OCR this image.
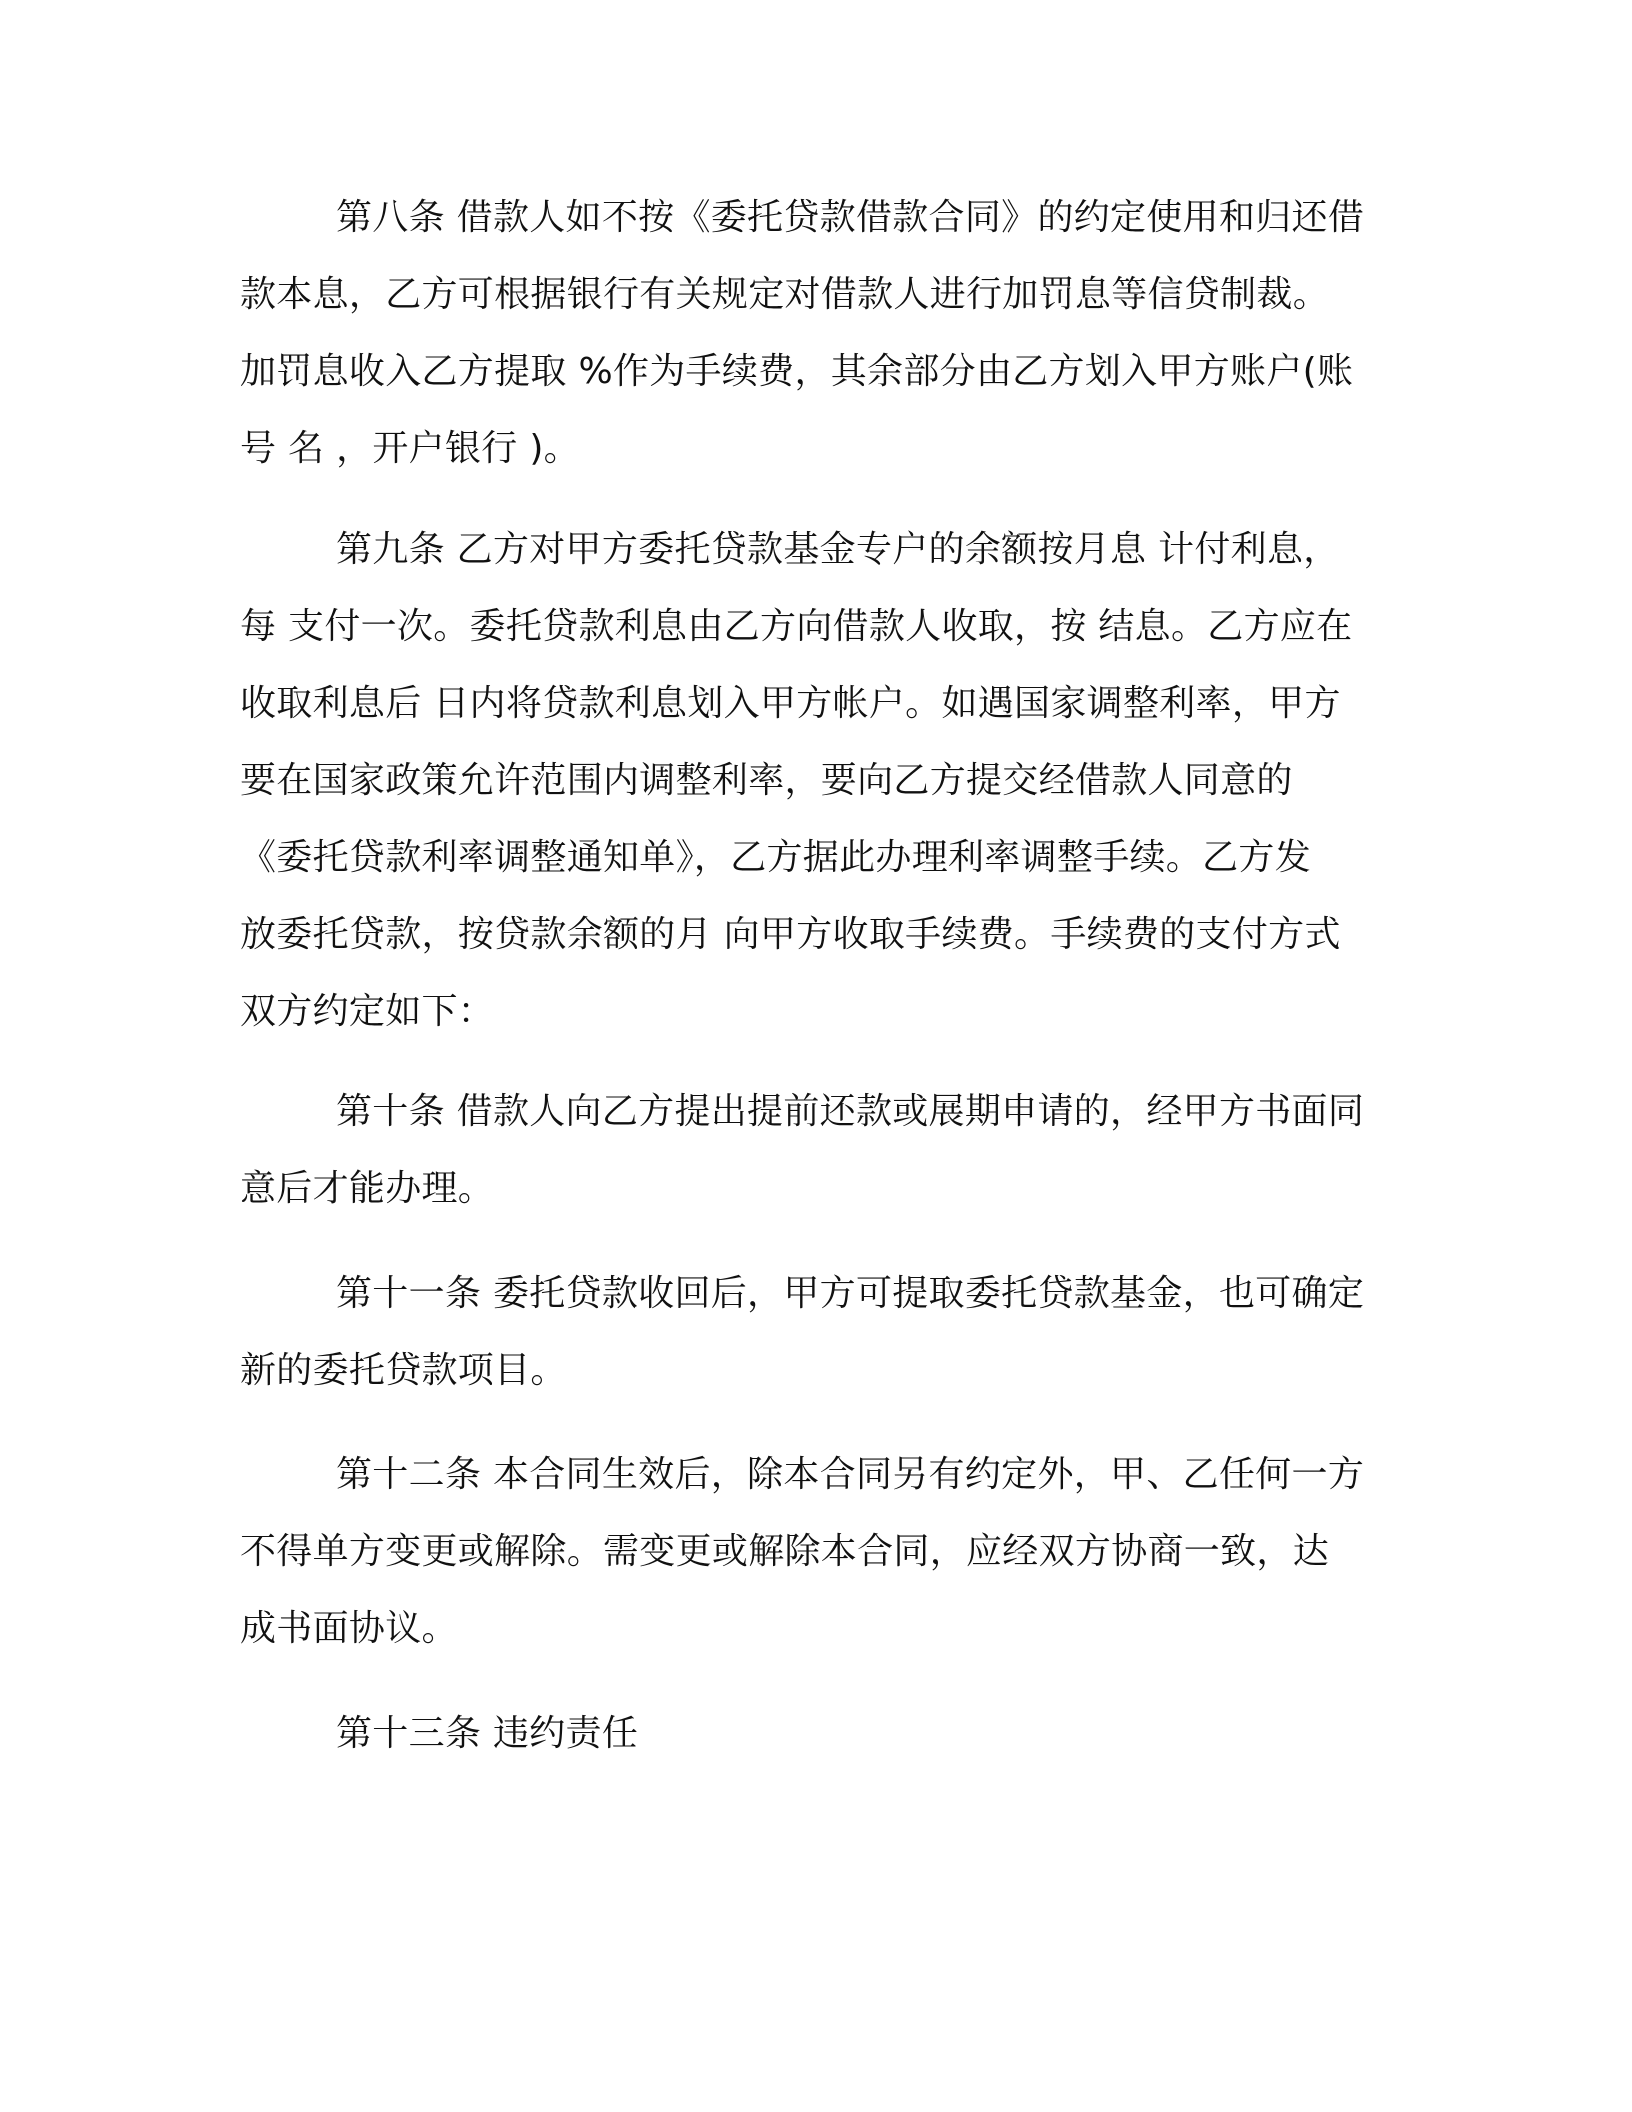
第八条 借款人如不按《委托贷款借款合同》的约定使用和归还借
款本息，乙方可根据银行有关规定对借款人进行加罚息等信贷制裁。
加罚息收入乙方提取 %作为手续费，其余部分由乙方划入甲方账户(账
号 名 ，开户银行 )。
第九条 乙方对甲方委托贷款基金专户的余额按月息 计付利息，
每 支付一次。委托贷款利息由乙方向借款人收取，按 结息。乙方应在
收取利息后 日内将贷款利息划入甲方帐户。如遇国家调整利率，甲方
要在国家政策允许范围内调整利率，要向乙方提交经借款人同意的
《委托贷款利率调整通知单》，乙方据此办理利率调整手续。乙方发
放委托贷款，按贷款余额的月 向甲方收取手续费。手续费的支付方式
双方约定如下：
第十条 借款人向乙方提出提前还款或展期申请的，经甲方书面同
意后才能办理。
第十一条 委托贷款收回后，甲方可提取委托贷款基金，也可确定
新的委托贷款项目。
第十二条 本合同生效后，除本合同另有约定外，甲、乙任何一方
不得单方变更或解除。需变更或解除本合同，应经双方协商一致，达
成书面协议。
第十三条 违约责任
